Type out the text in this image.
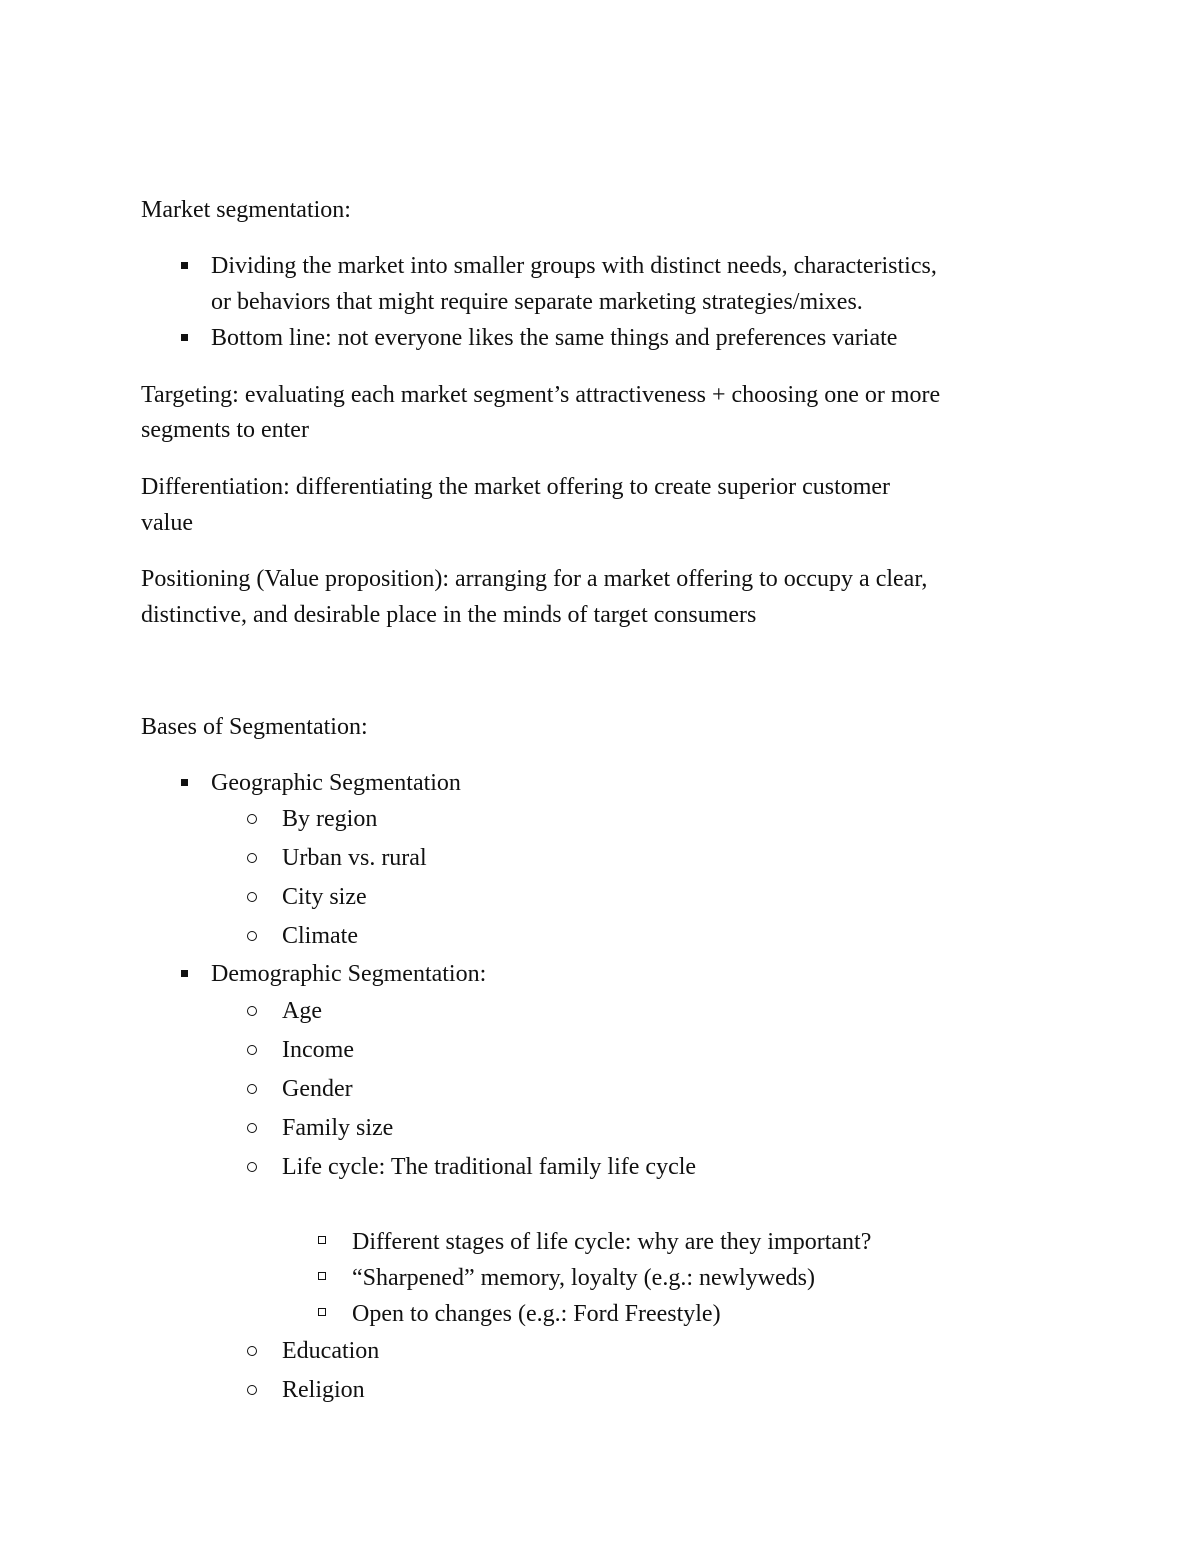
Market segmentation:
Dividing the market into smaller groups with distinct needs, characteristics,
or behaviors that might require separate marketing strategies/mixes.
Bottom line: not everyone likes the same things and preferences variate
Targeting: evaluating each market segment’s attractiveness + choosing one or more
segments to enter
Differentiation: differentiating the market offering to create superior customer
value
Positioning (Value proposition): arranging for a market offering to occupy a clear,
distinctive, and desirable place in the minds of target consumers
Bases of Segmentation:
Geographic Segmentation
By region
Urban vs. rural
City size
Climate
Demographic Segmentation:
Age
Income
Gender
Family size
Life cycle: The traditional family life cycle
Different stages of life cycle: why are they important?
“Sharpened” memory, loyalty (e.g.: newlyweds)
Open to changes (e.g.: Ford Freestyle)
Education
Religion
